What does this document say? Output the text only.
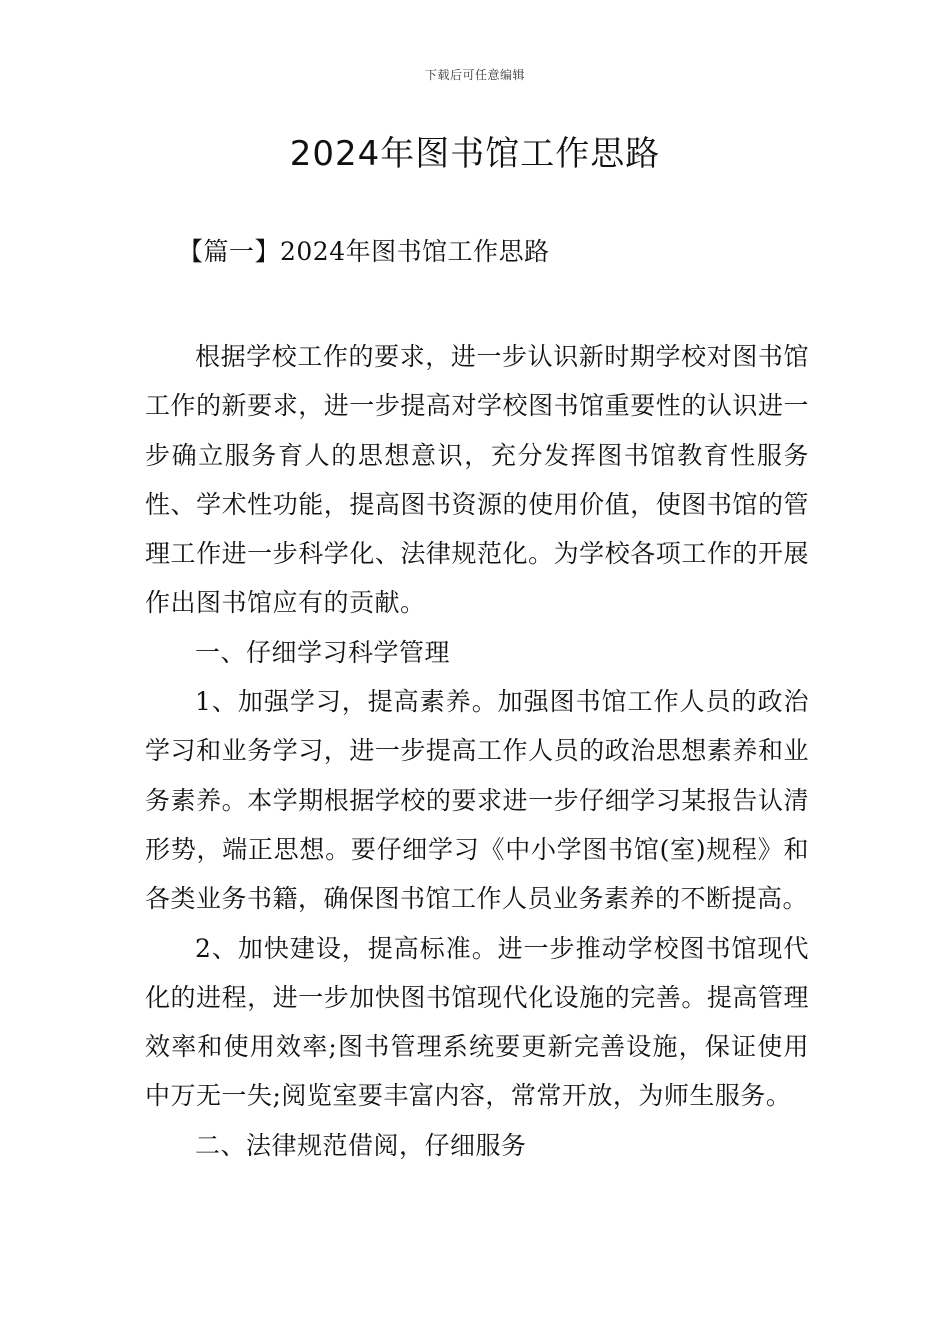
下载后可任意编辑
2024年图书馆工作思路
【篇一】2024年图书馆工作思路

根据学校工作的要求，进一步认识新时期学校对图书馆工作的新要求，进一步提高对学校图书馆重要性的认识进一步确立服务育人的思想意识，充分发挥图书馆教育性服务性、学术性功能，提高图书资源的使用价值，使图书馆的管理工作进一步科学化、法律规范化。为学校各项工作的开展作出图书馆应有的贡献。

一、仔细学习科学管理

1、加强学习，提高素养。加强图书馆工作人员的政治学习和业务学习，进一步提高工作人员的政治思想素养和业务素养。本学期根据学校的要求进一步仔细学习某报告认清形势，端正思想。要仔细学习《中小学图书馆(室)规程》和各类业务书籍，确保图书馆工作人员业务素养的不断提高。

2、加快建设，提高标准。进一步推动学校图书馆现代化的进程，进一步加快图书馆现代化设施的完善。提高管理效率和使用效率;图书管理系统要更新完善设施，保证使用中万无一失;阅览室要丰富内容，常常开放，为师生服务。

二、法律规范借阅，仔细服务
